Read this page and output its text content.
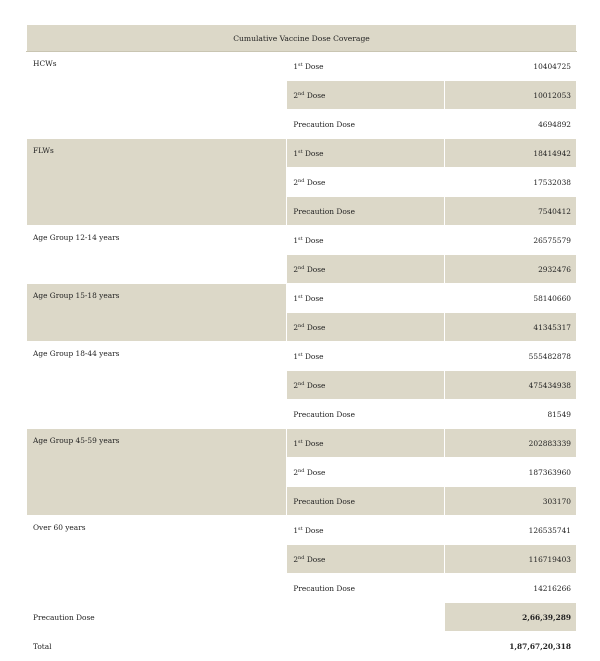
Cumulative Vaccine Dose Coverage		
HCWs	1st Dose	10404725
	2nd Dose	10012053
	Precaution Dose	4694892
FLWs	1st Dose	18414942
	2nd Dose	17532038
	Precaution Dose	7540412
Age Group 12-14 years	1st Dose	26575579
	2nd Dose	2932476
Age Group 15-18 years	1st Dose	58140660
	2nd Dose	41345317
Age Group 18-44 years	1st Dose	555482878
	2nd Dose	475434938
	Precaution Dose	81549
Age Group 45-59 years	1st Dose	202883339
	2nd Dose	187363960
	Precaution Dose	303170
Over 60 years	1st Dose	126535741
	2nd Dose	116719403
	Precaution Dose	14216266
Precaution Dose		2,66,39,289
Total		1,87,67,20,318
